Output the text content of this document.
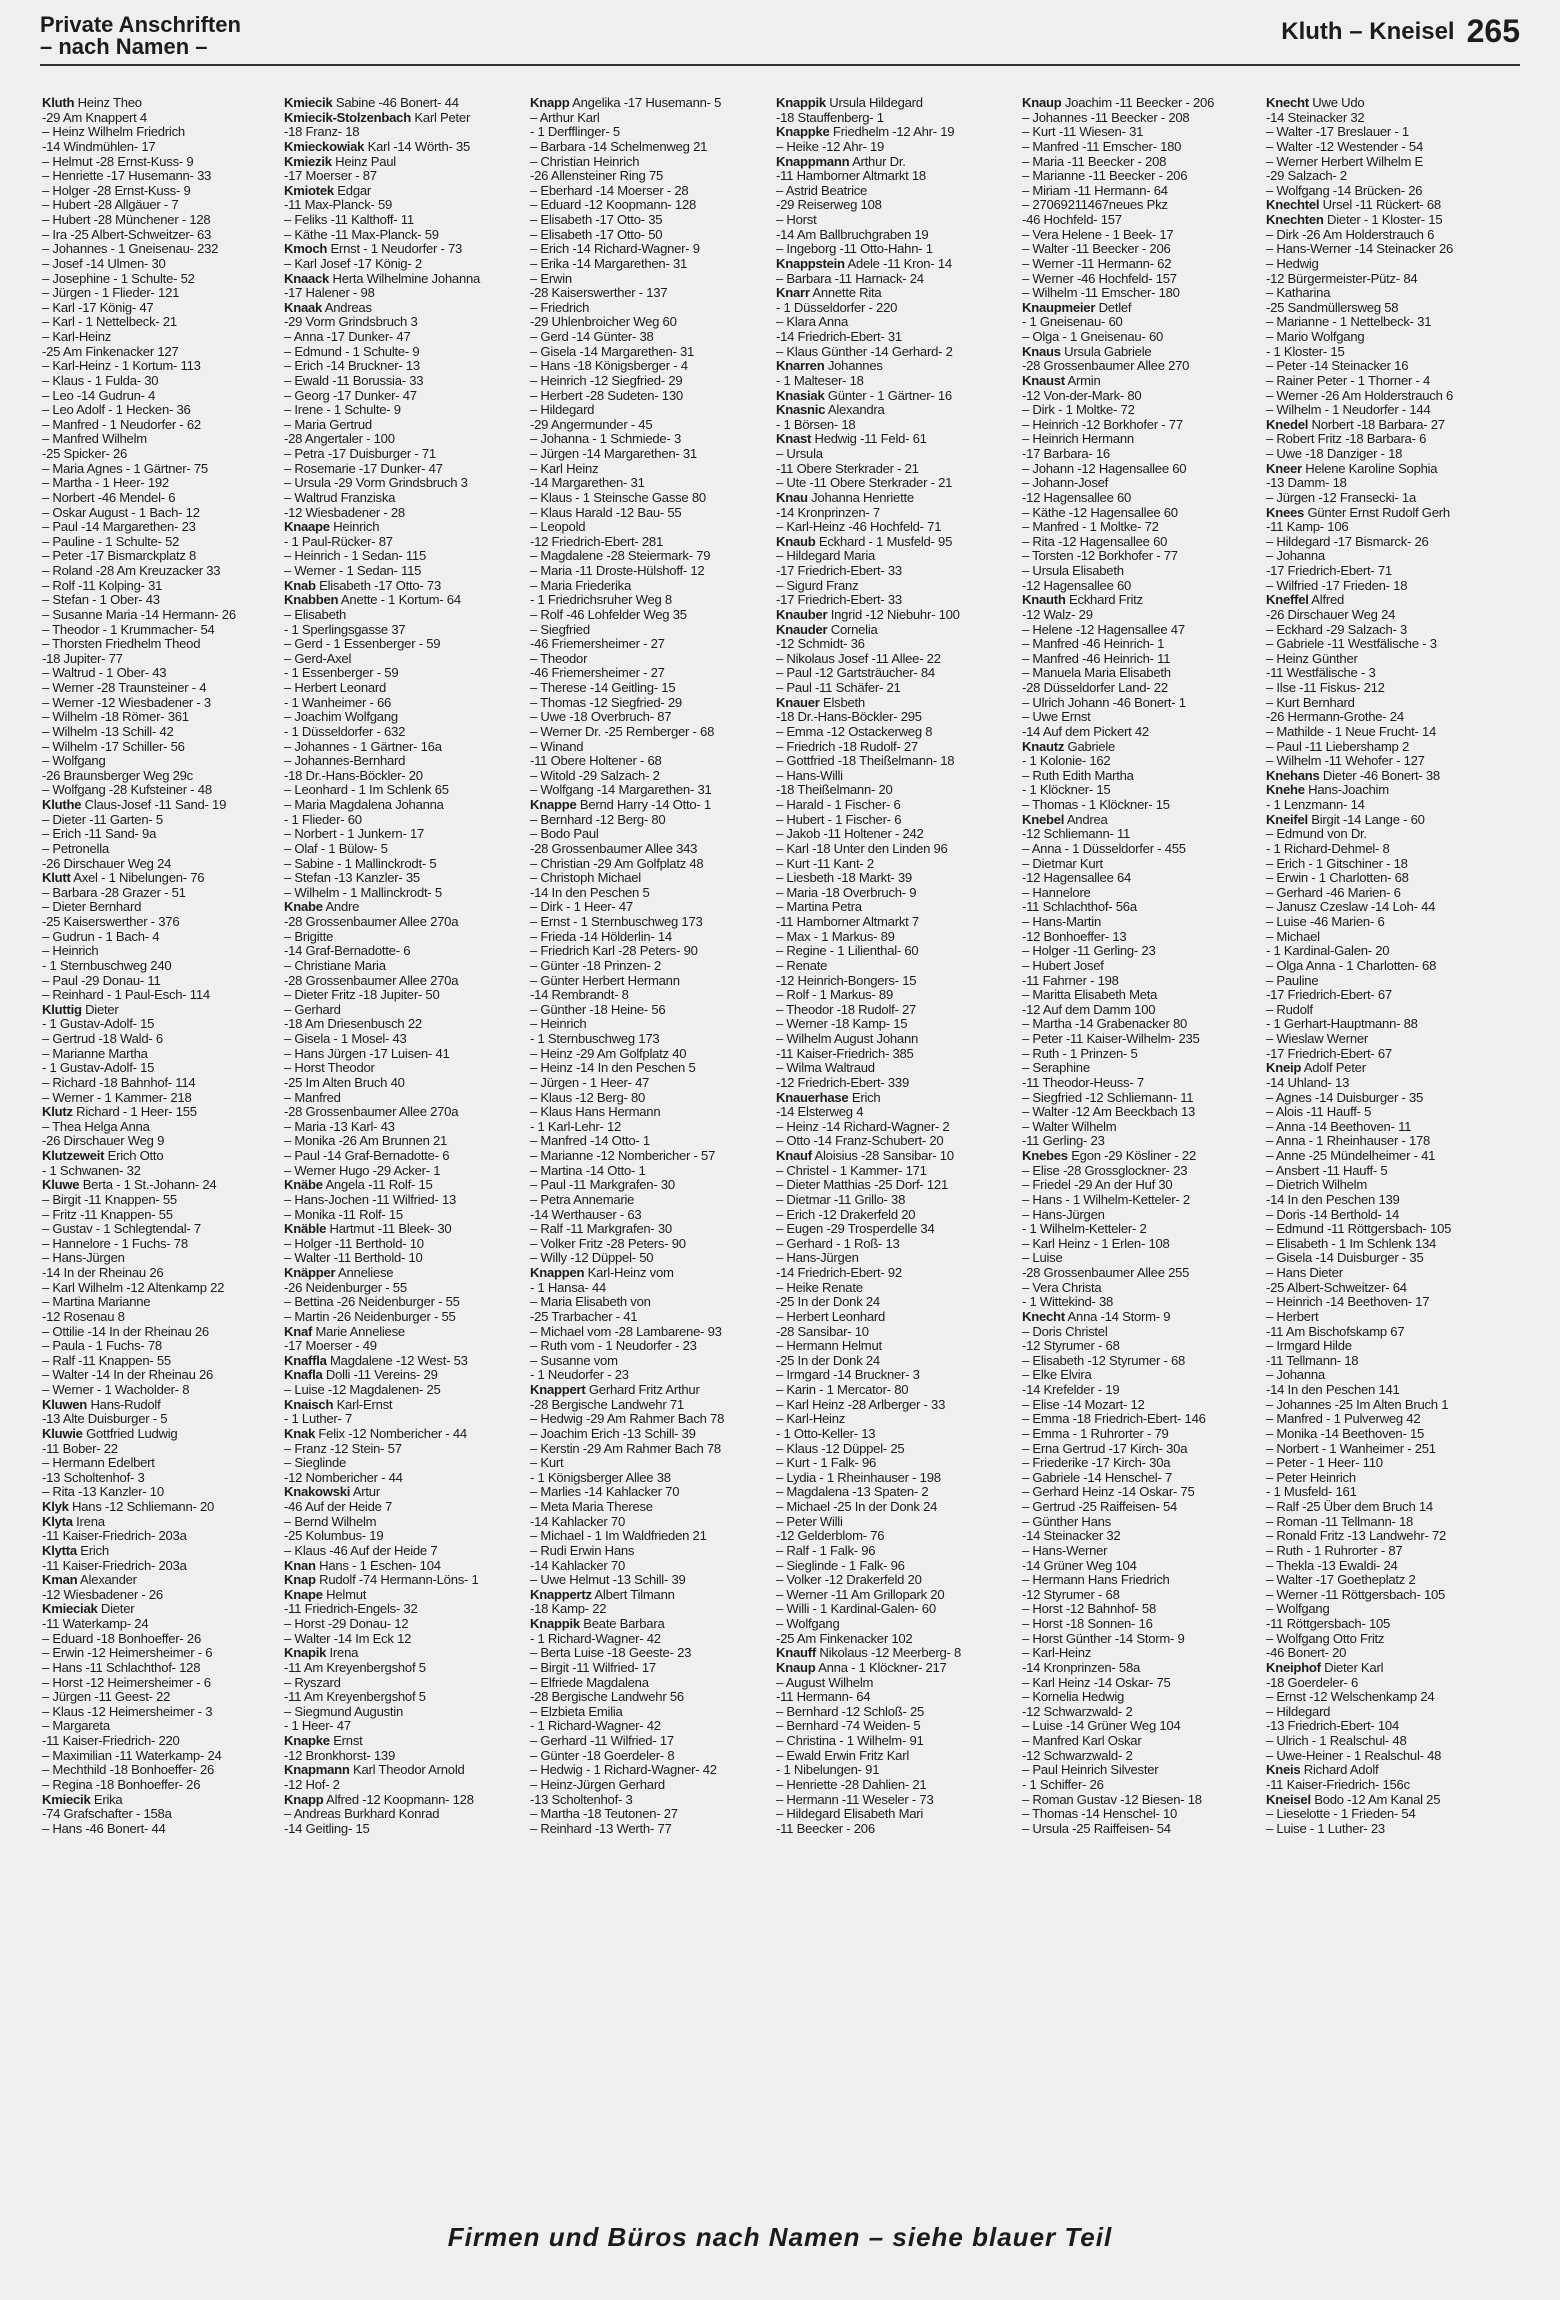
Private Anschriften
– nach Namen –
Kluth – Kneisel 265
Kluth Heinz Theo
-29 Am Knappert 4
– Heinz Wilhelm Friedrich
-14 Windmühlen- 17
– Helmut -28 Ernst-Kuss- 9
– Henriette -17 Husemann- 33
– Holger -28 Ernst-Kuss- 9
– Hubert -28 Allgäuer - 7
– Hubert -28 Münchener - 128
– Ira -25 Albert-Schweitzer- 63
– Johannes - 1 Gneisenau- 232
– Josef -14 Ulmen- 30
– Josephine - 1 Schulte- 52
– Jürgen - 1 Flieder- 121
– Karl -17 König- 47
– Karl - 1 Nettelbeck- 21
– Karl-Heinz
-25 Am Finkenacker 127
– Karl-Heinz - 1 Kortum- 113
– Klaus - 1 Fulda- 30
– Leo -14 Gudrun- 4
– Leo Adolf - 1 Hecken- 36
– Manfred - 1 Neudorfer - 62
– Manfred Wilhelm
-25 Spicker- 26
– Maria Agnes - 1 Gärtner- 75
– Martha - 1 Heer- 192
– Norbert -46 Mendel- 6
– Oskar August - 1 Bach- 12
– Paul -14 Margarethen- 23
– Pauline - 1 Schulte- 52
– Peter -17 Bismarckplatz 8
– Roland -28 Am Kreuzacker 33
– Rolf -11 Kolping- 31
– Stefan - 1 Ober- 43
– Susanne Maria -14 Hermann- 26
– Theodor - 1 Krummacher- 54
– Thorsten Friedhelm Theod
-18 Jupiter- 77
– Waltrud - 1 Ober- 43
– Werner -28 Traunsteiner - 4
– Werner -12 Wiesbadener - 3
– Wilhelm -18 Römer- 361
– Wilhelm -13 Schill- 42
– Wilhelm -17 Schiller- 56
– Wolfgang
-26 Braunsberger Weg 29c
– Wolfgang -28 Kufsteiner - 48
Kluthe Claus-Josef -11 Sand- 19
– Dieter -11 Garten- 5
– Erich -11 Sand- 9a
– Petronella
-26 Dirschauer Weg 24
Klutt Axel - 1 Nibelungen- 76
– Barbara -28 Grazer - 51
– Dieter Bernhard
-25 Kaiserswerther - 376
– Gudrun - 1 Bach- 4
– Heinrich
- 1 Sternbuschweg 240
– Paul -29 Donau- 11
– Reinhard - 1 Paul-Esch- 114
Kluttig Dieter
- 1 Gustav-Adolf- 15
– Gertrud -18 Wald- 6
– Marianne Martha
- 1 Gustav-Adolf- 15
– Richard -18 Bahnhof- 114
– Werner - 1 Kammer- 218
Klutz Richard - 1 Heer- 155
– Thea Helga Anna
-26 Dirschauer Weg 9
Klutzeweit Erich Otto
- 1 Schwanen- 32
Kluwe Berta - 1 St.-Johann- 24
– Birgit -11 Knappen- 55
– Fritz -11 Knappen- 55
– Gustav - 1 Schlegtendal- 7
– Hannelore - 1 Fuchs- 78
– Hans-Jürgen
-14 In der Rheinau 26
– Karl Wilhelm -12 Altenkamp 22
– Martina Marianne
-12 Rosenau 8
– Ottilie -14 In der Rheinau 26
– Paula - 1 Fuchs- 78
– Ralf -11 Knappen- 55
– Walter -14 In der Rheinau 26
– Werner - 1 Wacholder- 8
Kluwen Hans-Rudolf
-13 Alte Duisburger - 5
Kluwie Gottfried Ludwig
-11 Bober- 22
– Hermann Edelbert
-13 Scholtenhof- 3
– Rita -13 Kanzler- 10
Klyk Hans -12 Schliemann- 20
Klyta Irena
-11 Kaiser-Friedrich- 203a
Klytta Erich
-11 Kaiser-Friedrich- 203a
Kman Alexander
-12 Wiesbadener - 26
Kmieciak Dieter
-11 Waterkamp- 24
– Eduard -18 Bonhoeffer- 26
– Erwin -12 Heimersheimer - 6
– Hans -11 Schlachthof- 128
– Horst -12 Heimersheimer - 6
– Jürgen -11 Geest- 22
– Klaus -12 Heimersheimer - 3
– Margareta
-11 Kaiser-Friedrich- 220
– Maximilian -11 Waterkamp- 24
– Mechthild -18 Bonhoeffer- 26
– Regina -18 Bonhoeffer- 26
Kmiecik Erika
-74 Grafschafter - 158a
– Hans -46 Bonert- 44
Kmiecik Sabine -46 Bonert- 44
Kmiecik-Stolzenbach Karl Peter
-18 Franz- 18
Kmieckowiak Karl -14 Wörth- 35
Kmiezik Heinz Paul
-17 Moerser - 87
Kmiotek Edgar
-11 Max-Planck- 59
– Feliks -11 Kalthoff- 11
– Käthe -11 Max-Planck- 59
Kmoch Ernst - 1 Neudorfer - 73
– Karl Josef -17 König- 2
Knaack Herta Wilhelmine Johanna
-17 Halener - 98
Knaak Andreas
-29 Vorm Grindsbruch 3
– Anna -17 Dunker- 47
– Edmund - 1 Schulte- 9
– Erich -14 Bruckner- 13
– Ewald -11 Borussia- 33
– Georg -17 Dunker- 47
– Irene - 1 Schulte- 9
– Maria Gertrud
-28 Angertaler - 100
– Petra -17 Duisburger - 71
– Rosemarie -17 Dunker- 47
– Ursula -29 Vorm Grindsbruch 3
– Waltrud Franziska
-12 Wiesbadener - 28
Knaape Heinrich
- 1 Paul-Rücker- 87
– Heinrich - 1 Sedan- 115
– Werner - 1 Sedan- 115
Knab Elisabeth -17 Otto- 73
Knabben Anette - 1 Kortum- 64
– Elisabeth
- 1 Sperlingsgasse 37
– Gerd - 1 Essenberger - 59
– Gerd-Axel
- 1 Essenberger - 59
– Herbert Leonard
- 1 Wanheimer - 66
– Joachim Wolfgang
- 1 Düsseldorfer - 632
– Johannes - 1 Gärtner- 16a
– Johannes-Bernhard
-18 Dr.-Hans-Böckler- 20
– Leonhard - 1 Im Schlenk 65
– Maria Magdalena Johanna
- 1 Flieder- 60
– Norbert - 1 Junkern- 17
– Olaf - 1 Bülow- 5
– Sabine - 1 Mallinckrodt- 5
– Stefan -13 Kanzler- 35
– Wilhelm - 1 Mallinckrodt- 5
Knabe Andre
-28 Grossenbaumer Allee 270a
– Brigitte
-14 Graf-Bernadotte- 6
– Christiane Maria
-28 Grossenbaumer Allee 270a
– Dieter Fritz -18 Jupiter- 50
– Gerhard
-18 Am Driesenbusch 22
– Gisela - 1 Mosel- 43
– Hans Jürgen -17 Luisen- 41
– Horst Theodor
-25 Im Alten Bruch 40
– Manfred
-28 Grossenbaumer Allee 270a
– Maria -13 Karl- 43
– Monika -26 Am Brunnen 21
– Paul -14 Graf-Bernadotte- 6
– Werner Hugo -29 Acker- 1
Knäbe Angela -11 Rolf- 15
– Hans-Jochen -11 Wilfried- 13
– Monika -11 Rolf- 15
Knäble Hartmut -11 Bleek- 30
– Holger -11 Berthold- 10
– Walter -11 Berthold- 10
Knäpper Anneliese
-26 Neidenburger - 55
– Bettina -26 Neidenburger - 55
– Martin -26 Neidenburger - 55
Knaf Marie Anneliese
-17 Moerser - 49
Knaffla Magdalene -12 West- 53
Knafla Dolli -11 Vereins- 29
– Luise -12 Magdalenen- 25
Knaisch Karl-Ernst
- 1 Luther- 7
Knak Felix -12 Nombericher - 44
– Franz -12 Stein- 57
– Sieglinde
-12 Nombericher - 44
Knakowski Artur
-46 Auf der Heide 7
– Bernd Wilhelm
-25 Kolumbus- 19
– Klaus -46 Auf der Heide 7
Knan Hans - 1 Eschen- 104
Knap Rudolf -74 Hermann-Löns- 1
Knape Helmut
-11 Friedrich-Engels- 32
– Horst -29 Donau- 12
– Walter -14 Im Eck 12
Knapik Irena
-11 Am Kreyenbergshof 5
– Ryszard
-11 Am Kreyenbergshof 5
– Siegmund Augustin
- 1 Heer- 47
Knapke Ernst
-12 Bronkhorst- 139
Knapmann Karl Theodor Arnold
-12 Hof- 2
Knapp Alfred -12 Koopmann- 128
– Andreas Burkhard Konrad
-14 Geitling- 15
Knapp Angelika -17 Husemann- 5
– Arthur Karl
- 1 Derfflinger- 5
– Barbara -14 Schelmenweg 21
– Christian Heinrich
-26 Allensteiner Ring 75
– Eberhard -14 Moerser - 28
– Eduard -12 Koopmann- 128
– Elisabeth -17 Otto- 35
– Elisabeth -17 Otto- 50
– Erich -14 Richard-Wagner- 9
– Erika -14 Margarethen- 31
– Erwin
-28 Kaiserswerther - 137
– Friedrich
-29 Uhlenbroicher Weg 60
– Gerd -14 Günter- 38
– Gisela -14 Margarethen- 31
– Hans -18 Königsberger - 4
– Heinrich -12 Siegfried- 29
– Herbert -28 Sudeten- 130
– Hildegard
-29 Angermunder - 45
– Johanna - 1 Schmiede- 3
– Jürgen -14 Margarethen- 31
– Karl Heinz
-14 Margarethen- 31
– Klaus - 1 Steinsche Gasse 80
– Klaus Harald -12 Bau- 55
– Leopold
-12 Friedrich-Ebert- 281
– Magdalene -28 Steiermark- 79
– Maria -11 Droste-Hülshoff- 12
– Maria Friederika
- 1 Friedrichsruher Weg 8
– Rolf -46 Lohfelder Weg 35
– Siegfried
-46 Friemersheimer - 27
– Theodor
-46 Friemersheimer - 27
– Therese -14 Geitling- 15
– Thomas -12 Siegfried- 29
– Uwe -18 Overbruch- 87
– Werner Dr. -25 Remberger - 68
– Winand
-11 Obere Holtener - 68
– Witold -29 Salzach- 2
– Wolfgang -14 Margarethen- 31
Knappe Bernd Harry -14 Otto- 1
– Bernhard -12 Berg- 80
– Bodo Paul
-28 Grossenbaumer Allee 343
– Christian -29 Am Golfplatz 48
– Christoph Michael
-14 In den Peschen 5
– Dirk - 1 Heer- 47
– Ernst - 1 Sternbuschweg 173
– Frieda -14 Hölderlin- 14
– Friedrich Karl -28 Peters- 90
– Günter -18 Prinzen- 2
– Günter Herbert Hermann
-14 Rembrandt- 8
– Günther -18 Heine- 56
– Heinrich
- 1 Sternbuschweg 173
– Heinz -29 Am Golfplatz 40
– Heinz -14 In den Peschen 5
– Jürgen - 1 Heer- 47
– Klaus -12 Berg- 80
– Klaus Hans Hermann
- 1 Karl-Lehr- 12
– Manfred -14 Otto- 1
– Marianne -12 Nombericher - 57
– Martina -14 Otto- 1
– Paul -11 Markgrafen- 30
– Petra Annemarie
-14 Werthauser - 63
– Ralf -11 Markgrafen- 30
– Volker Fritz -28 Peters- 90
– Willy -12 Düppel- 50
Knappen Karl-Heinz vom
- 1 Hansa- 44
– Maria Elisabeth von
-25 Trarbacher - 41
– Michael vom -28 Lambarene- 93
– Ruth vom - 1 Neudorfer - 23
– Susanne vom
- 1 Neudorfer - 23
Knappert Gerhard Fritz Arthur
-28 Bergische Landwehr 71
– Hedwig -29 Am Rahmer Bach 78
– Joachim Erich -13 Schill- 39
– Kerstin -29 Am Rahmer Bach 78
– Kurt
- 1 Königsberger Allee 38
– Marlies -14 Kahlacker 70
– Meta Maria Therese
-14 Kahlacker 70
– Michael - 1 Im Waldfrieden 21
– Rudi Erwin Hans
-14 Kahlacker 70
– Uwe Helmut -13 Schill- 39
Knappertz Albert Tilmann
-18 Kamp- 22
Knappik Beate Barbara
- 1 Richard-Wagner- 42
– Berta Luise -18 Geeste- 23
– Birgit -11 Wilfried- 17
– Elfriede Magdalena
-28 Bergische Landwehr 56
– Elzbieta Emilia
- 1 Richard-Wagner- 42
– Gerhard -11 Wilfried- 17
– Günter -18 Goerdeler- 8
– Hedwig - 1 Richard-Wagner- 42
– Heinz-Jürgen Gerhard
-13 Scholtenhof- 3
– Martha -18 Teutonen- 27
– Reinhard -13 Werth- 77
Knappik Ursula Hildegard
-18 Stauffenberg- 1
Knappke Friedhelm -12 Ahr- 19
– Heike -12 Ahr- 19
Knappmann Arthur Dr.
-11 Hamborner Altmarkt 18
– Astrid Beatrice
-29 Reiserweg 108
– Horst
-14 Am Ballbruchgraben 19
– Ingeborg -11 Otto-Hahn- 1
Knappstein Adele -11 Kron- 14
– Barbara -11 Harnack- 24
Knarr Annette Rita
- 1 Düsseldorfer - 220
– Klara Anna
-14 Friedrich-Ebert- 31
– Klaus Günther -14 Gerhard- 2
Knarren Johannes
- 1 Malteser- 18
Knasiak Günter - 1 Gärtner- 16
Knasnic Alexandra
- 1 Börsen- 18
Knast Hedwig -11 Feld- 61
– Ursula
-11 Obere Sterkrader - 21
– Ute -11 Obere Sterkrader - 21
Knau Johanna Henriette
-14 Kronprinzen- 7
– Karl-Heinz -46 Hochfeld- 71
Knaub Eckhard - 1 Musfeld- 95
– Hildegard Maria
-17 Friedrich-Ebert- 33
– Sigurd Franz
-17 Friedrich-Ebert- 33
Knauber Ingrid -12 Niebuhr- 100
Knauder Cornelia
-12 Schmidt- 36
– Nikolaus Josef -11 Allee- 22
– Paul -12 Gartsträucher- 84
– Paul -11 Schäfer- 21
Knauer Elsbeth
-18 Dr.-Hans-Böckler- 295
– Emma -12 Ostackerweg 8
– Friedrich -18 Rudolf- 27
– Gottfried -18 Theißelmann- 18
– Hans-Willi
-18 Theißelmann- 20
– Harald - 1 Fischer- 6
– Hubert - 1 Fischer- 6
– Jakob -11 Holtener - 242
– Karl -18 Unter den Linden 96
– Kurt -11 Kant- 2
– Liesbeth -18 Markt- 39
– Maria -18 Overbruch- 9
– Martina Petra
-11 Hamborner Altmarkt 7
– Max - 1 Markus- 89
– Regine - 1 Lilienthal- 60
– Renate
-12 Heinrich-Bongers- 15
– Rolf - 1 Markus- 89
– Theodor -18 Rudolf- 27
– Werner -18 Kamp- 15
– Wilhelm August Johann
-11 Kaiser-Friedrich- 385
– Wilma Waltraud
-12 Friedrich-Ebert- 339
Knauerhase Erich
-14 Elsterweg 4
– Heinz -14 Richard-Wagner- 2
– Otto -14 Franz-Schubert- 20
Knauf Aloisius -28 Sansibar- 10
– Christel - 1 Kammer- 171
– Dieter Matthias -25 Dorf- 121
– Dietmar -11 Grillo- 38
– Erich -12 Drakerfeld 20
– Eugen -29 Trosperdelle 34
– Gerhard - 1 Roß- 13
– Hans-Jürgen
-14 Friedrich-Ebert- 92
– Heike Renate
-25 In der Donk 24
– Herbert Leonhard
-28 Sansibar- 10
– Hermann Helmut
-25 In der Donk 24
– Irmgard -14 Bruckner- 3
– Karin - 1 Mercator- 80
– Karl Heinz -28 Arlberger - 33
– Karl-Heinz
- 1 Otto-Keller- 13
– Klaus -12 Düppel- 25
– Kurt - 1 Falk- 96
– Lydia - 1 Rheinhauser - 198
– Magdalena -13 Spaten- 2
– Michael -25 In der Donk 24
– Peter Willi
-12 Gelderblom- 76
– Ralf - 1 Falk- 96
– Sieglinde - 1 Falk- 96
– Volker -12 Drakerfeld 20
– Werner -11 Am Grillopark 20
– Willi - 1 Kardinal-Galen- 60
– Wolfgang
-25 Am Finkenacker 102
Knauff Nikolaus -12 Meerberg- 8
Knaup Anna - 1 Klöckner- 217
– August Wilhelm
-11 Hermann- 64
– Bernhard -12 Schloß- 25
– Bernhard -74 Weiden- 5
– Christina - 1 Wilhelm- 91
– Ewald Erwin Fritz Karl
- 1 Nibelungen- 91
– Henriette -28 Dahlien- 21
– Hermann -11 Weseler - 73
– Hildegard Elisabeth Mari
-11 Beecker - 206
Knaup Joachim -11 Beecker - 206
– Johannes -11 Beecker - 208
– Kurt -11 Wiesen- 31
– Manfred -11 Emscher- 180
– Maria -11 Beecker - 208
– Marianne -11 Beecker - 206
– Miriam -11 Hermann- 64
– 27069211467neues Pkz
-46 Hochfeld- 157
– Vera Helene - 1 Beek- 17
– Walter -11 Beecker - 206
– Werner -11 Hermann- 62
– Werner -46 Hochfeld- 157
– Wilhelm -11 Emscher- 180
Knaupmeier Detlef
- 1 Gneisenau- 60
– Olga - 1 Gneisenau- 60
Knaus Ursula Gabriele
-28 Grossenbaumer Allee 270
Knaust Armin
-12 Von-der-Mark- 80
– Dirk - 1 Moltke- 72
– Heinrich -12 Borkhofer - 77
– Heinrich Hermann
-17 Barbara- 16
– Johann -12 Hagensallee 60
– Johann-Josef
-12 Hagensallee 60
– Käthe -12 Hagensallee 60
– Manfred - 1 Moltke- 72
– Rita -12 Hagensallee 60
– Torsten -12 Borkhofer - 77
– Ursula Elisabeth
-12 Hagensallee 60
Knauth Eckhard Fritz
-12 Walz- 29
– Helene -12 Hagensallee 47
– Manfred -46 Heinrich- 1
– Manfred -46 Heinrich- 11
– Manuela Maria Elisabeth
-28 Düsseldorfer Land- 22
– Ulrich Johann -46 Bonert- 1
– Uwe Ernst
-14 Auf dem Pickert 42
Knautz Gabriele
- 1 Kolonie- 162
– Ruth Edith Martha
- 1 Klöckner- 15
– Thomas - 1 Klöckner- 15
Knebel Andrea
-12 Schliemann- 11
– Anna - 1 Düsseldorfer - 455
– Dietmar Kurt
-12 Hagensallee 64
– Hannelore
-11 Schlachthof- 56a
– Hans-Martin
-12 Bonhoeffer- 13
– Holger -11 Gerling- 23
– Hubert Josef
-11 Fahrner - 198
– Maritta Elisabeth Meta
-12 Auf dem Damm 100
– Martha -14 Grabenacker 80
– Peter -11 Kaiser-Wilhelm- 235
– Ruth - 1 Prinzen- 5
– Seraphine
-11 Theodor-Heuss- 7
– Siegfried -12 Schliemann- 11
– Walter -12 Am Beeckbach 13
– Walter Wilhelm
-11 Gerling- 23
Knebes Egon -29 Kösliner - 22
– Elise -28 Grossglockner- 23
– Friedel -29 An der Huf 30
– Hans - 1 Wilhelm-Ketteler- 2
– Hans-Jürgen
- 1 Wilhelm-Ketteler- 2
– Karl Heinz - 1 Erlen- 108
– Luise
-28 Grossenbaumer Allee 255
– Vera Christa
- 1 Wittekind- 38
Knecht Anna -14 Storm- 9
– Doris Christel
-12 Styrumer - 68
– Elisabeth -12 Styrumer - 68
– Elke Elvira
-14 Krefelder - 19
– Elise -14 Mozart- 12
– Emma -18 Friedrich-Ebert- 146
– Emma - 1 Ruhrorter - 79
– Erna Gertrud -17 Kirch- 30a
– Friederike -17 Kirch- 30a
– Gabriele -14 Henschel- 7
– Gerhard Heinz -14 Oskar- 75
– Gertrud -25 Raiffeisen- 54
– Günther Hans
-14 Steinacker 32
– Hans-Werner
-14 Grüner Weg 104
– Hermann Hans Friedrich
-12 Styrumer - 68
– Horst -12 Bahnhof- 58
– Horst -18 Sonnen- 16
– Horst Günther -14 Storm- 9
– Karl-Heinz
-14 Kronprinzen- 58a
– Karl Heinz -14 Oskar- 75
– Kornelia Hedwig
-12 Schwarzwald- 2
– Luise -14 Grüner Weg 104
– Manfred Karl Oskar
-12 Schwarzwald- 2
– Paul Heinrich Silvester
- 1 Schiffer- 26
– Roman Gustav -12 Biesen- 18
– Thomas -14 Henschel- 10
– Ursula -25 Raiffeisen- 54
Knecht Uwe Udo
-14 Steinacker 32
– Walter -17 Breslauer - 1
– Walter -12 Westender - 54
– Werner Herbert Wilhelm E
-29 Salzach- 2
– Wolfgang -14 Brücken- 26
Knechtel Ursel -11 Rückert- 68
Knechten Dieter - 1 Kloster- 15
– Dirk -26 Am Holderstrauch 6
– Hans-Werner -14 Steinacker 26
– Hedwig
-12 Bürgermeister-Pütz- 84
– Katharina
-25 Sandmüllersweg 58
– Marianne - 1 Nettelbeck- 31
– Mario Wolfgang
- 1 Kloster- 15
– Peter -14 Steinacker 16
– Rainer Peter - 1 Thorner - 4
– Werner -26 Am Holderstrauch 6
– Wilhelm - 1 Neudorfer - 144
Knedel Norbert -18 Barbara- 27
– Robert Fritz -18 Barbara- 6
– Uwe -18 Danziger - 18
Kneer Helene Karoline Sophia
-13 Damm- 18
– Jürgen -12 Fransecki- 1a
Knees Günter Ernst Rudolf Gerh
-11 Kamp- 106
– Hildegard -17 Bismarck- 26
– Johanna
-17 Friedrich-Ebert- 71
– Wilfried -17 Frieden- 18
Kneffel Alfred
-26 Dirschauer Weg 24
– Eckhard -29 Salzach- 3
– Gabriele -11 Westfälische - 3
– Heinz Günther
-11 Westfälische - 3
– Ilse -11 Fiskus- 212
– Kurt Bernhard
-26 Hermann-Grothe- 24
– Mathilde - 1 Neue Frucht- 14
– Paul -11 Liebershamp 2
– Wilhelm -11 Wehofer - 127
Knehans Dieter -46 Bonert- 38
Knehe Hans-Joachim
- 1 Lenzmann- 14
Kneifel Birgit -14 Lange - 60
– Edmund von Dr.
- 1 Richard-Dehmel- 8
– Erich - 1 Gitschiner - 18
– Erwin - 1 Charlotten- 68
– Gerhard -46 Marien- 6
– Janusz Czeslaw -14 Loh- 44
– Luise -46 Marien- 6
– Michael
- 1 Kardinal-Galen- 20
– Olga Anna - 1 Charlotten- 68
– Pauline
-17 Friedrich-Ebert- 67
– Rudolf
- 1 Gerhart-Hauptmann- 88
– Wieslaw Werner
-17 Friedrich-Ebert- 67
Kneip Adolf Peter
-14 Uhland- 13
– Agnes -14 Duisburger - 35
– Alois -11 Hauff- 5
– Anna -14 Beethoven- 11
– Anna - 1 Rheinhauser - 178
– Anne -25 Mündelheimer - 41
– Ansbert -11 Hauff- 5
– Dietrich Wilhelm
-14 In den Peschen 139
– Doris -14 Berthold- 14
– Edmund -11 Röttgersbach- 105
– Elisabeth - 1 Im Schlenk 134
– Gisela -14 Duisburger - 35
– Hans Dieter
-25 Albert-Schweitzer- 64
– Heinrich -14 Beethoven- 17
– Herbert
-11 Am Bischofskamp 67
– Irmgard Hilde
-11 Tellmann- 18
– Johanna
-14 In den Peschen 141
– Johannes -25 Im Alten Bruch 1
– Manfred - 1 Pulverweg 42
– Monika -14 Beethoven- 15
– Norbert - 1 Wanheimer - 251
– Peter - 1 Heer- 110
– Peter Heinrich
- 1 Musfeld- 161
– Ralf -25 Über dem Bruch 14
– Roman -11 Tellmann- 18
– Ronald Fritz -13 Landwehr- 72
– Ruth - 1 Ruhrorter - 87
– Thekla -13 Ewaldi- 24
– Walter -17 Goetheplatz 2
– Werner -11 Röttgersbach- 105
– Wolfgang
-11 Röttgersbach- 105
– Wolfgang Otto Fritz
-46 Bonert- 20
Kneiphof Dieter Karl
-18 Goerdeler- 6
– Ernst -12 Welschenkamp 24
– Hildegard
-13 Friedrich-Ebert- 104
– Ulrich - 1 Realschul- 48
– Uwe-Heiner - 1 Realschul- 48
Kneis Richard Adolf
-11 Kaiser-Friedrich- 156c
Kneisel Bodo -12 Am Kanal 25
– Lieselotte - 1 Frieden- 54
– Luise - 1 Luther- 23
Firmen und Büros nach Namen – siehe blauer Teil
